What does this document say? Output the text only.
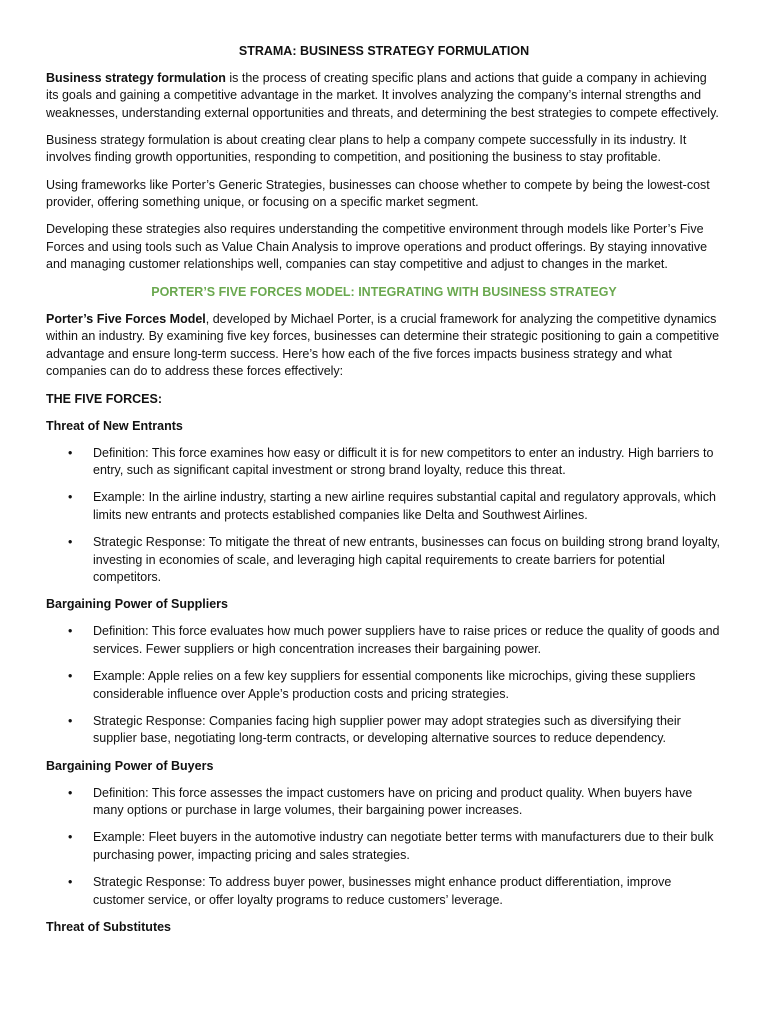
STRAMA: BUSINESS STRATEGY FORMULATION

Business strategy formulation is the process of creating specific plans and actions that guide a company in achieving its goals and gaining a competitive advantage in the market. It involves analyzing the company’s internal strengths and weaknesses, understanding external opportunities and threats, and determining the best strategies to compete effectively.

Business strategy formulation is about creating clear plans to help a company compete successfully in its industry. It involves finding growth opportunities, responding to competition, and positioning the business to stay profitable.

Using frameworks like Porter’s Generic Strategies, businesses can choose whether to compete by being the lowest-cost provider, offering something unique, or focusing on a specific market segment.

Developing these strategies also requires understanding the competitive environment through models like Porter’s Five Forces and using tools such as Value Chain Analysis to improve operations and product offerings. By staying innovative and managing customer relationships well, companies can stay competitive and adjust to changes in the market.

PORTER’S FIVE FORCES MODEL: INTEGRATING WITH BUSINESS STRATEGY

Porter’s Five Forces Model, developed by Michael Porter, is a crucial framework for analyzing the competitive dynamics within an industry. By examining five key forces, businesses can determine their strategic positioning to gain a competitive advantage and ensure long-term success. Here’s how each of the five forces impacts business strategy and what companies can do to address these forces effectively:

THE FIVE FORCES:
Threat of New Entrants
• Definition: This force examines how easy or difficult it is for new competitors to enter an industry. High barriers to entry, such as significant capital investment or strong brand loyalty, reduce this threat.
• Example: In the airline industry, starting a new airline requires substantial capital and regulatory approvals, which limits new entrants and protects established companies like Delta and Southwest Airlines.
• Strategic Response: To mitigate the threat of new entrants, businesses can focus on building strong brand loyalty, investing in economies of scale, and leveraging high capital requirements to create barriers for potential competitors.
Bargaining Power of Suppliers
• Definition: This force evaluates how much power suppliers have to raise prices or reduce the quality of goods and services. Fewer suppliers or high concentration increases their bargaining power.
• Example: Apple relies on a few key suppliers for essential components like microchips, giving these suppliers considerable influence over Apple’s production costs and pricing strategies.
• Strategic Response: Companies facing high supplier power may adopt strategies such as diversifying their supplier base, negotiating long-term contracts, or developing alternative sources to reduce dependency.
Bargaining Power of Buyers
• Definition: This force assesses the impact customers have on pricing and product quality. When buyers have many options or purchase in large volumes, their bargaining power increases.
• Example: Fleet buyers in the automotive industry can negotiate better terms with manufacturers due to their bulk purchasing power, impacting pricing and sales strategies.
• Strategic Response: To address buyer power, businesses might enhance product differentiation, improve customer service, or offer loyalty programs to reduce customers’ leverage.
Threat of Substitutes
